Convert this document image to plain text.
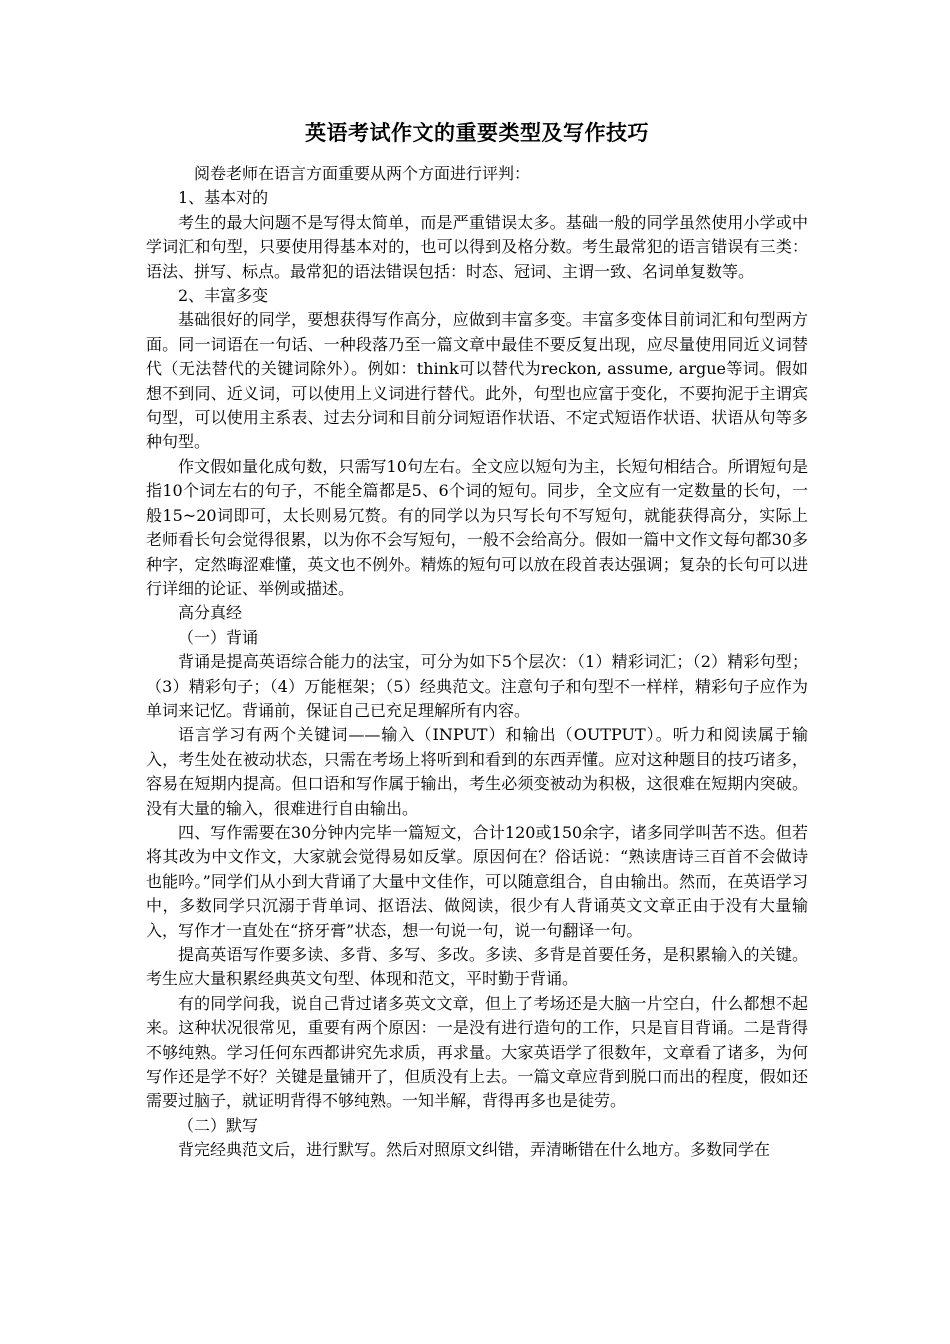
英语考试作文的重要类型及写作技巧

阅卷老师在语言方面重要从两个方面进行评判：

1、基本对的

考生的最大问题不是写得太简单，而是严重错误太多。基础一般的同学虽然使用小学或中学词汇和句型，只要使用得基本对的，也可以得到及格分数。考生最常犯的语言错误有三类：语法、拼写、标点。最常犯的语法错误包括：时态、冠词、主谓一致、名词单复数等。

2、丰富多变

基础很好的同学，要想获得写作高分，应做到丰富多变。丰富多变体目前词汇和句型两方面。同一词语在一句话、一种段落乃至一篇文章中最佳不要反复出现，应尽量使用同近义词替代（无法替代的关键词除外）。例如：think可以替代为reckon, assume, argue等词。假如想不到同、近义词，可以使用上义词进行替代。此外，句型也应富于变化，不要拘泥于主谓宾句型，可以使用主系表、过去分词和目前分词短语作状语、不定式短语作状语、状语从句等多种句型。

作文假如量化成句数，只需写10句左右。全文应以短句为主，长短句相结合。所谓短句是指10个词左右的句子，不能全篇都是5、6个词的短句。同步，全文应有一定数量的长句，一般15~20词即可，太长则易冗赘。有的同学以为只写长句不写短句，就能获得高分，实际上老师看长句会觉得很累，以为你不会写短句，一般不会给高分。假如一篇中文作文每句都30多种字，定然晦涩难懂，英文也不例外。精炼的短句可以放在段首表达强调；复杂的长句可以进行详细的论证、举例或描述。

高分真经

（一）背诵

背诵是提高英语综合能力的法宝，可分为如下5个层次：（1）精彩词汇；（2）精彩句型；（3）精彩句子；（4）万能框架；（5）经典范文。注意句子和句型不一样样，精彩句子应作为单词来记忆。背诵前，保证自己已充足理解所有内容。

语言学习有两个关键词——输入（INPUT）和输出（OUTPUT）。听力和阅读属于输入，考生处在被动状态，只需在考场上将听到和看到的东西弄懂。应对这种题目的技巧诸多，容易在短期内提高。但口语和写作属于输出，考生必须变被动为积极，这很难在短期内突破。没有大量的输入，很难进行自由输出。

四、写作需要在30分钟内完毕一篇短文，合计120或150余字，诸多同学叫苦不迭。但若将其改为中文作文，大家就会觉得易如反掌。原因何在？俗话说：“熟读唐诗三百首不会做诗也能吟。”同学们从小到大背诵了大量中文佳作，可以随意组合，自由输出。然而，在英语学习中，多数同学只沉溺于背单词、抠语法、做阅读，很少有人背诵英文文章正由于没有大量输入，写作才一直处在“挤牙膏”状态，想一句说一句，说一句翻译一句。

提高英语写作要多读、多背、多写、多改。多读、多背是首要任务，是积累输入的关键。考生应大量积累经典英文句型、体现和范文，平时勤于背诵。

有的同学问我，说自己背过诸多英文文章，但上了考场还是大脑一片空白，什么都想不起来。这种状况很常见，重要有两个原因：一是没有进行造句的工作，只是盲目背诵。二是背得不够纯熟。学习任何东西都讲究先求质，再求量。大家英语学了很数年，文章看了诸多，为何写作还是学不好？关键是量铺开了，但质没有上去。一篇文章应背到脱口而出的程度，假如还需要过脑子，就证明背得不够纯熟。一知半解，背得再多也是徒劳。

（二）默写

背完经典范文后，进行默写。然后对照原文纠错，弄清晰错在什么地方。多数同学在
